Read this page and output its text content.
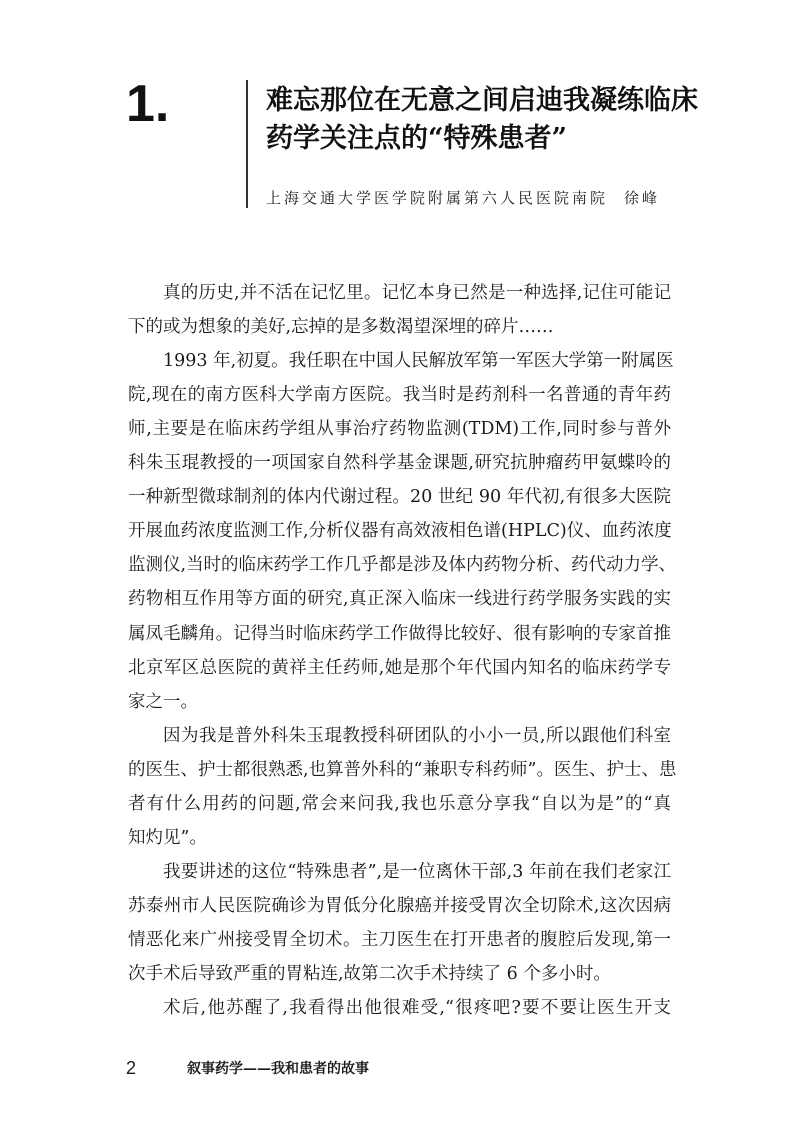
1.	难忘那位在无意之间启迪我凝练临床
药学关注点的“特殊患者”
上海交通大学医学院附属第六人民医院南院 徐峰
真的历史,并不活在记忆里。记忆本身已然是一种选择,记住可能记
下的或为想象的美好,忘掉的是多数渴望深埋的碎片……
1993 年,初夏。我任职在中国人民解放军第一军医大学第一附属医
院,现在的南方医科大学南方医院。我当时是药剂科一名普通的青年药
师,主要是在临床药学组从事治疗药物监测(TDM)工作,同时参与普外
科朱玉琨教授的一项国家自然科学基金课题,研究抗肿瘤药甲氨蝶呤的
一种新型微球制剂的体内代谢过程。20 世纪 90 年代初,有很多大医院
开展血药浓度监测工作,分析仪器有高效液相色谱(HPLC)仪、血药浓度
监测仪,当时的临床药学工作几乎都是涉及体内药物分析、药代动力学、
药物相互作用等方面的研究,真正深入临床一线进行药学服务实践的实
属凤毛麟角。记得当时临床药学工作做得比较好、很有影响的专家首推
北京军区总医院的黄祥主任药师,她是那个年代国内知名的临床药学专
家之一。
因为我是普外科朱玉琨教授科研团队的小小一员,所以跟他们科室
的医生、护士都很熟悉,也算普外科的“兼职专科药师”。医生、护士、患
者有什么用药的问题,常会来问我,我也乐意分享我“自以为是”的“真
知灼见”。
我要讲述的这位“特殊患者”,是一位离休干部,3 年前在我们老家江
苏泰州市人民医院确诊为胃低分化腺癌并接受胃次全切除术,这次因病
情恶化来广州接受胃全切术。主刀医生在打开患者的腹腔后发现,第一
次手术后导致严重的胃粘连,故第二次手术持续了 6 个多小时。
术后,他苏醒了,我看得出他很难受,“很疼吧?要不要让医生开支
2	叙事药学——我和患者的故事
